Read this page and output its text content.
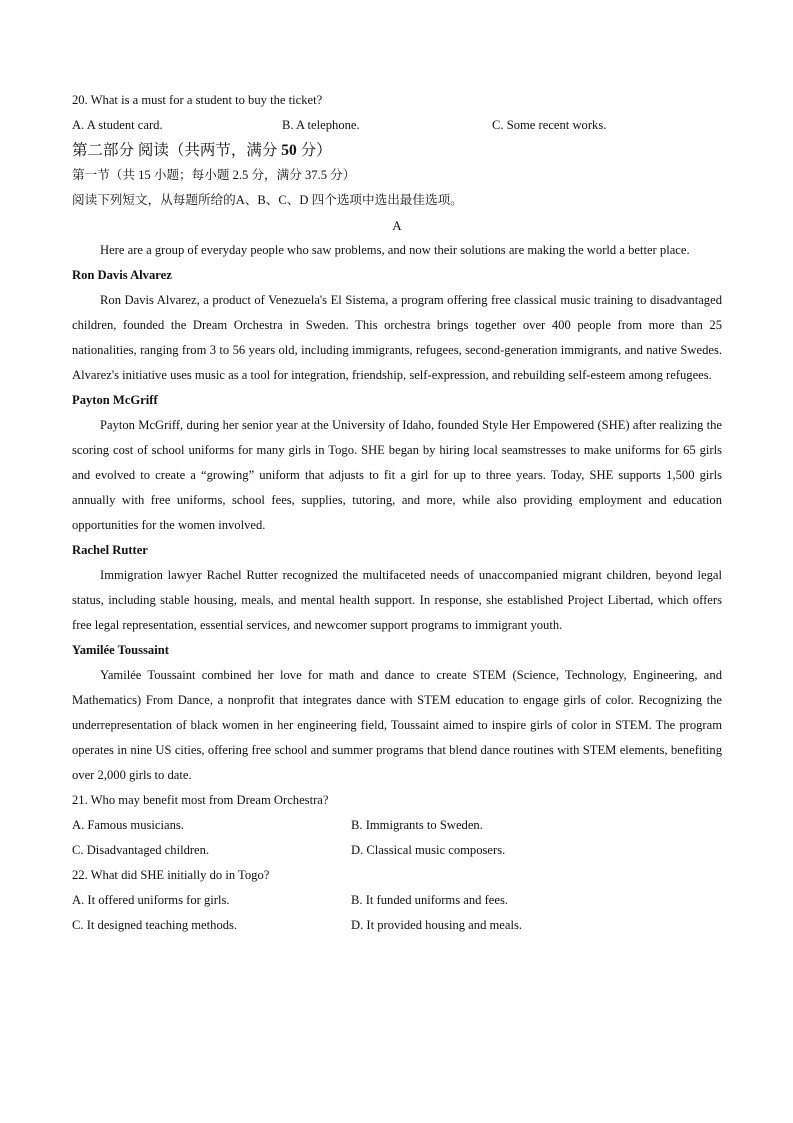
20. What is a must for a student to buy the ticket?

A. A student card.	B. A telephone.	C. Some recent works.

第二部分 阅读（共两节，满分 50 分）

第一节（共 15 小题；每小题 2.5 分，满分 37.5 分）

阅读下列短文，从每题所给的A、B、C、D 四个选项中选出最佳选项。

A

Here are a group of everyday people who saw problems, and now their solutions are making the world a better place.

Ron Davis Alvarez

Ron Davis Alvarez, a product of Venezuela's El Sistema, a program offering free classical music training to disadvantaged children, founded the Dream Orchestra in Sweden. This orchestra brings together over 400 people from more than 25 nationalities, ranging from 3 to 56 years old, including immigrants, refugees, second-generation immigrants, and native Swedes. Alvarez's initiative uses music as a tool for integration, friendship, self-expression, and rebuilding self-esteem among refugees.

Payton McGriff

Payton McGriff, during her senior year at the University of Idaho, founded Style Her Empowered (SHE) after realizing the scoring cost of school uniforms for many girls in Togo. SHE began by hiring local seamstresses to make uniforms for 65 girls and evolved to create a “growing” uniform that adjusts to fit a girl for up to three years. Today, SHE supports 1,500 girls annually with free uniforms, school fees, supplies, tutoring, and more, while also providing employment and education opportunities for the women involved.

Rachel Rutter

Immigration lawyer Rachel Rutter recognized the multifaceted needs of unaccompanied migrant children, beyond legal status, including stable housing, meals, and mental health support. In response, she established Project Libertad, which offers free legal representation, essential services, and newcomer support programs to immigrant youth.

Yamilée Toussaint

Yamilée Toussaint combined her love for math and dance to create STEM (Science, Technology, Engineering, and Mathematics) From Dance, a nonprofit that integrates dance with STEM education to engage girls of color. Recognizing the underrepresentation of black women in her engineering field, Toussaint aimed to inspire girls of color in STEM. The program operates in nine US cities, offering free school and summer programs that blend dance routines with STEM elements, benefiting over 2,000 girls to date.

21. Who may benefit most from Dream Orchestra?

A. Famous musicians.	B. Immigrants to Sweden.
C. Disadvantaged children.	D. Classical music composers.

22. What did SHE initially do in Togo?

A. It offered uniforms for girls.	B. It funded uniforms and fees.
C. It designed teaching methods.	D. It provided housing and meals.
